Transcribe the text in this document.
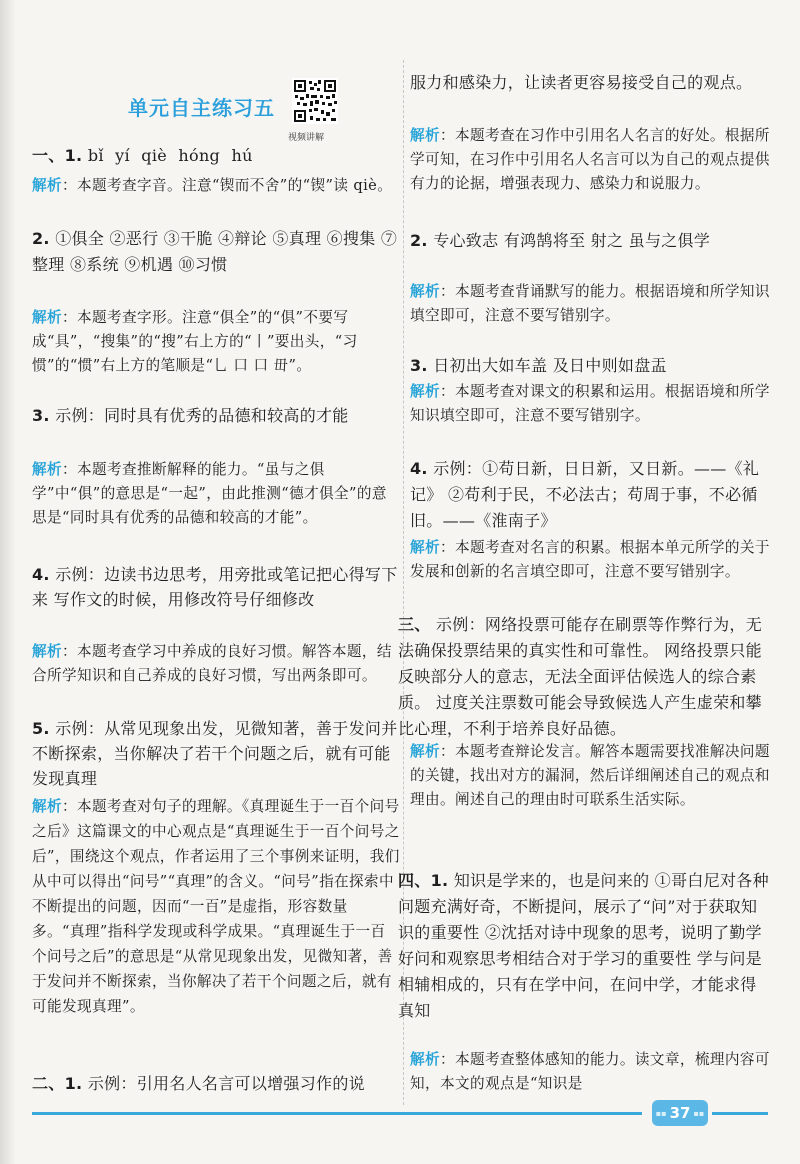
单元自主练习五
视频讲解
一、1. bǐ yí qiè hóng hú
解析：本题考查字音。注意“锲而不舍”的“锲”读 qiè。
2. ①俱全 ②恶行 ③干脆 ④辩论 ⑤真理 ⑥搜集 ⑦整理 ⑧系统 ⑨机遇 ⑩习惯
解析：本题考查字形。注意“俱全”的“俱”不要写成“具”，“搜集”的“搜”右上方的“丨”要出头，“习惯”的“惯”右上方的笔顺是“乚 口 口 毌”。
3. 示例：同时具有优秀的品德和较高的才能
解析：本题考查推断解释的能力。“虽与之俱学”中“俱”的意思是“一起”，由此推测“德才俱全”的意思是“同时具有优秀的品德和较高的才能”。
4. 示例：边读书边思考，用旁批或笔记把心得写下来 写作文的时候，用修改符号仔细修改
解析：本题考查学习中养成的良好习惯。解答本题，结合所学知识和自己养成的良好习惯，写出两条即可。
5. 示例：从常见现象出发，见微知著，善于发问并不断探索，当你解决了若干个问题之后，就有可能发现真理
解析：本题考查对句子的理解。《真理诞生于一百个问号之后》这篇课文的中心观点是“真理诞生于一百个问号之后”，围绕这个观点，作者运用了三个事例来证明，我们从中可以得出“问号”“真理”的含义。“问号”指在探索中不断提出的问题，因而“一百”是虚指，形容数量多。“真理”指科学发现或科学成果。“真理诞生于一百个问号之后”的意思是“从常见现象出发，见微知著，善于发问并不断探索，当你解决了若干个问题之后，就有可能发现真理”。
二、1. 示例：引用名人名言可以增强习作的说
服力和感染力，让读者更容易接受自己的观点。
解析：本题考查在习作中引用名人名言的好处。根据所学可知，在习作中引用名人名言可以为自己的观点提供有力的论据，增强表现力、感染力和说服力。
2. 专心致志 有鸿鹄将至 射之 虽与之俱学
解析：本题考查背诵默写的能力。根据语境和所学知识填空即可，注意不要写错别字。
3. 日初出大如车盖 及日中则如盘盂
解析：本题考查对课文的积累和运用。根据语境和所学知识填空即可，注意不要写错别字。
4. 示例：①苟日新，日日新，又日新。——《礼记》 ②苟利于民，不必法古；苟周于事，不必循旧。——《淮南子》
解析：本题考查对名言的积累。根据本单元所学的关于发展和创新的名言填空即可，注意不要写错别字。
三、 示例：网络投票可能存在刷票等作弊行为，无法确保投票结果的真实性和可靠性。 网络投票只能反映部分人的意志，无法全面评估候选人的综合素质。 过度关注票数可能会导致候选人产生虚荣和攀比心理，不利于培养良好品德。
解析：本题考查辩论发言。解答本题需要找准解决问题的关键，找出对方的漏洞，然后详细阐述自己的观点和理由。阐述自己的理由时可联系生活实际。
四、1. 知识是学来的，也是问来的 ①哥白尼对各种问题充满好奇，不断提问，展示了“问”对于获取知识的重要性 ②沈括对诗中现象的思考，说明了勤学好问和观察思考相结合对于学习的重要性 学与问是相辅相成的，只有在学中问，在问中学，才能求得真知
解析：本题考查整体感知的能力。读文章，梳理内容可知，本文的观点是“知识是
▪▪ 37 ▪▪
